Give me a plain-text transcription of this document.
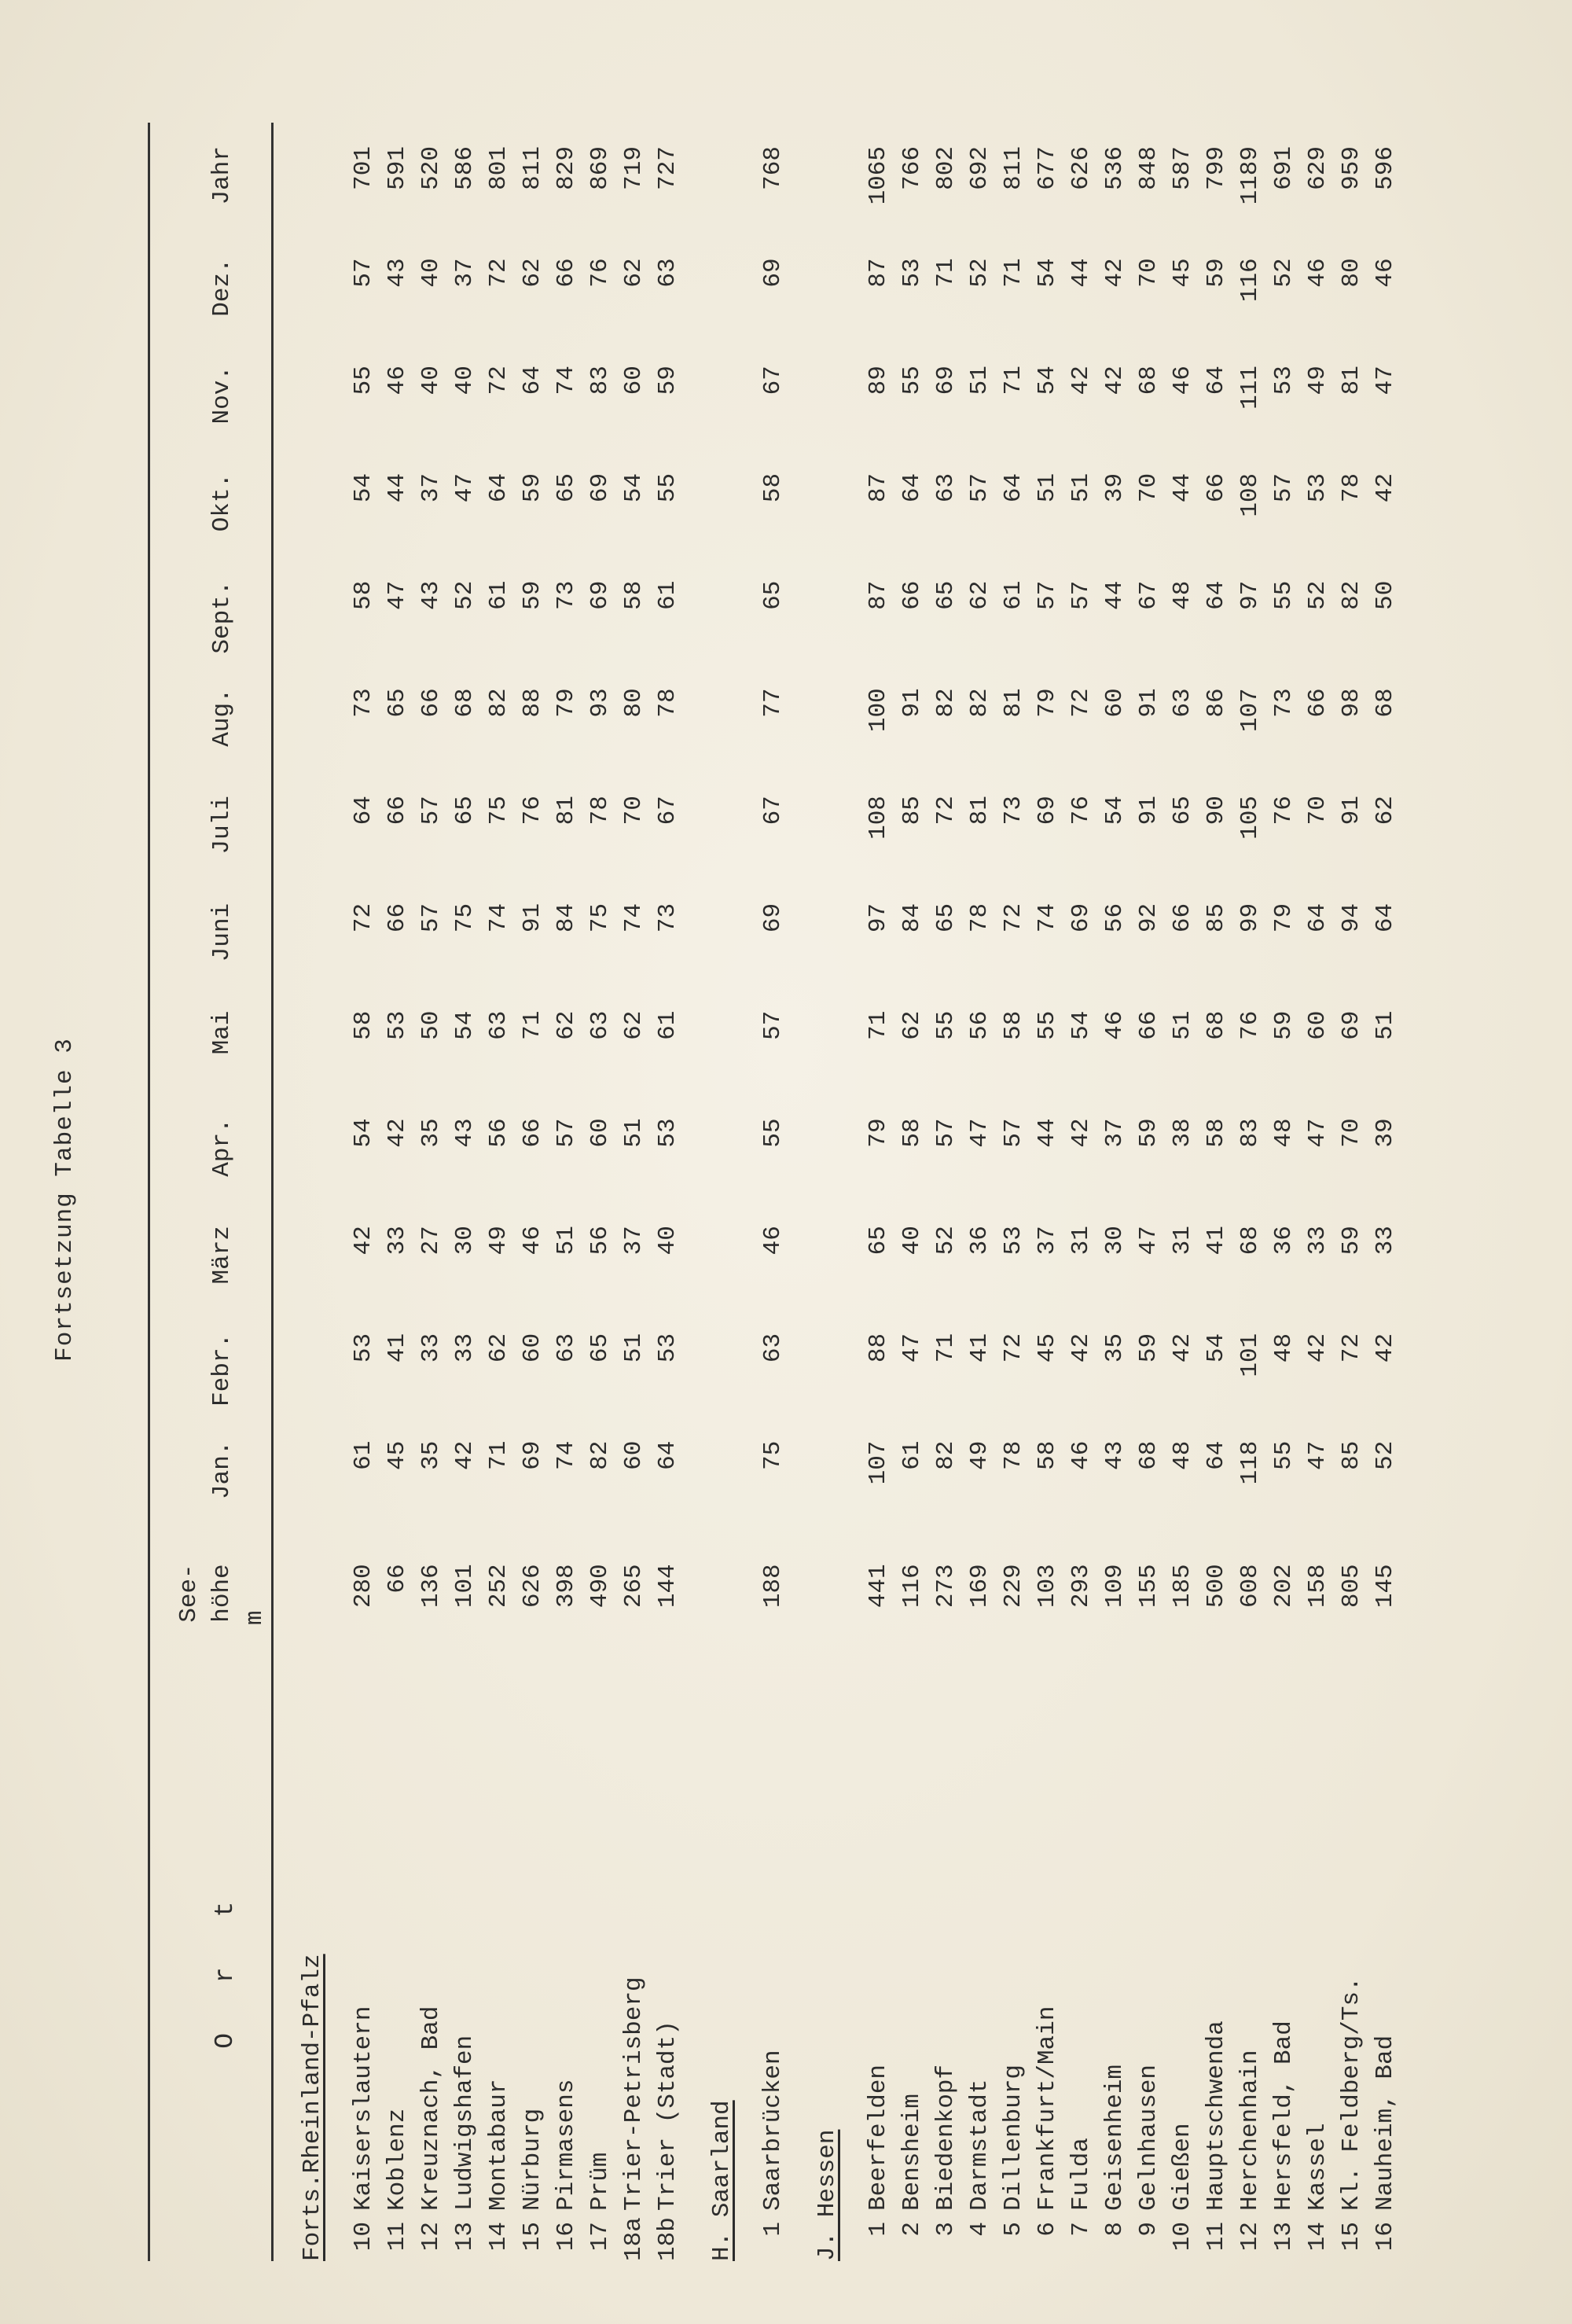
Fortsetzung Tabelle 3
O r t	See- höhe m	Jan.	Febr.	März	Apr.	Mai	Juni	Juli	Aug.	Sept.	Okt.	Nov.	Dez.	Jahr
Forts.Rheinland-Pfalz														

10Kaiserslautern	280	61	53	42	54	58	72	64	73	58	54	55	57	701
11Koblenz	66	45	41	33	42	53	66	66	65	47	44	46	43	591
12Kreuznach, Bad	136	35	33	27	35	50	57	57	66	43	37	40	40	520
13Ludwigshafen	101	42	33	30	43	54	75	65	68	52	47	40	37	586
14Montabaur	252	71	62	49	56	63	74	75	82	61	64	72	72	801
15Nürburg	626	69	60	46	66	71	91	76	88	59	59	64	62	811
16Pirmasens	398	74	63	51	57	62	84	81	79	73	65	74	66	829
17Prüm	490	82	65	56	60	63	75	78	93	69	69	83	76	869
18aTrier-Petrisberg	265	60	51	37	51	62	74	70	80	58	54	60	62	719
18bTrier (Stadt)	144	64	53	40	53	61	73	67	78	61	55	59	63	727
H. Saarland														

1Saarbrücken	188	75	63	46	55	57	69	67	77	65	58	67	69	768
J. Hessen														

1Beerfelden	441	107	88	65	79	71	97	108	100	87	87	89	87	1065
2Bensheim	116	61	47	40	58	62	84	85	91	66	64	55	53	766
3Biedenkopf	273	82	71	52	57	55	65	72	82	65	63	69	71	802
4Darmstadt	169	49	41	36	47	56	78	81	82	62	57	51	52	692
5Dillenburg	229	78	72	53	57	58	72	73	81	61	64	71	71	811
6Frankfurt/Main	103	58	45	37	44	55	74	69	79	57	51	54	54	677
7Fulda	293	46	42	31	42	54	69	76	72	57	51	42	44	626
8Geisenheim	109	43	35	30	37	46	56	54	60	44	39	42	42	536
9Gelnhausen	155	68	59	47	59	66	92	91	91	67	70	68	70	848
10Gießen	185	48	42	31	38	51	66	65	63	48	44	46	45	587
11Hauptschwenda	500	64	54	41	58	68	85	90	86	64	66	64	59	799
12Herchenhain	608	118	101	68	83	76	99	105	107	97	108	111	116	1189
13Hersfeld, Bad	202	55	48	36	48	59	79	76	73	55	57	53	52	691
14Kassel	158	47	42	33	47	60	64	70	66	52	53	49	46	629
15Kl. Feldberg/Ts.	805	85	72	59	70	69	94	91	98	82	78	81	80	959
16Nauheim, Bad	145	52	42	33	39	51	64	62	68	50	42	47	46	596
